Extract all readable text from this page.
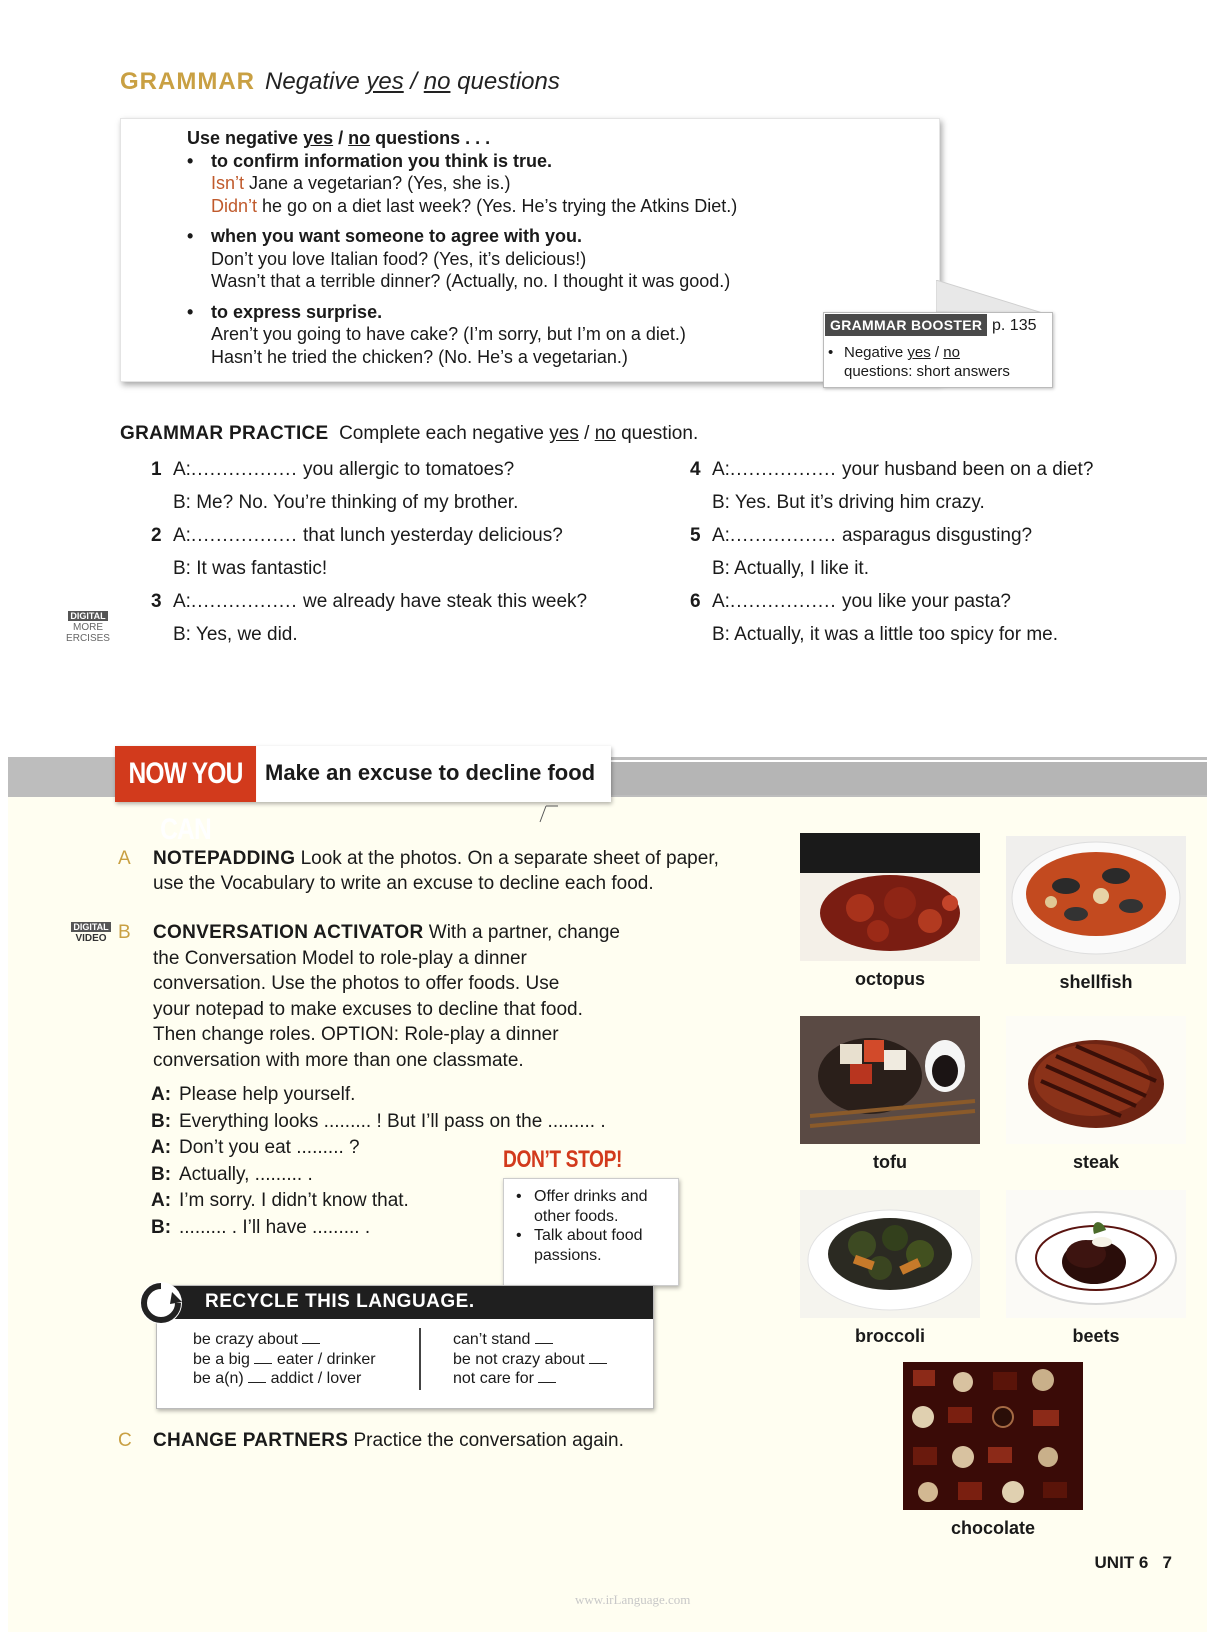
GRAMMAR Negative yes / no questions
Use negative yes / no questions . . .
• to confirm information you think is true.
Isn’t Jane a vegetarian? (Yes, she is.)
Didn’t he go on a diet last week? (Yes. He’s trying the Atkins Diet.)
• when you want someone to agree with you.
Don’t you love Italian food? (Yes, it’s delicious!)
Wasn’t that a terrible dinner? (Actually, no. I thought it was good.)
• to express surprise.
Aren’t you going to have cake? (I’m sorry, but I’m on a diet.)
Hasn’t he tried the chicken? (No. He’s a vegetarian.)
GRAMMAR BOOSTER p. 135
• Negative yes / no
questions: short answers
GRAMMAR PRACTICE Complete each negative yes / no question.
1 A:................. you allergic to tomatoes?
B: Me? No. You’re thinking of my brother.
2 A:................. that lunch yesterday delicious?
B: It was fantastic!
3 A:................. we already have steak this week?
B: Yes, we did.
4 A:................. your husband been on a diet?
B: Yes. But it’s driving him crazy.
5 A:................. asparagus disgusting?
B: Actually, I like it.
6 A:................. you like your pasta?
B: Actually, it was a little too spicy for me.
DIGITAL
MORE
ERCISES
NOW YOU CAN
Make an excuse to decline food
A NOTEPADDING Look at the photos. On a separate sheet of paper,
use the Vocabulary to write an excuse to decline each food.
DIGITAL
VIDEO B CONVERSATION ACTIVATOR With a partner, change
the Conversation Model to role-play a dinner
conversation. Use the photos to offer foods. Use
your notepad to make excuses to decline that food.
Then change roles. OPTION: Role-play a dinner
conversation with more than one classmate.
A: Please help yourself.
B: Everything looks ......... ! But I’ll pass on the ......... .
A: Don’t you eat ......... ?
B: Actually, ......... .
A: I’m sorry. I didn’t know that.
B: ......... . I’ll have ......... .
DON’T STOP!
• Offer drinks and
other foods.
• Talk about food
passions.
RECYCLE THIS LANGUAGE.
be crazy about
be a big eater / drinker
be a(n) addict / lover
can’t stand
be not crazy about
not care for
C CHANGE PARTNERS Practice the conversation again.
octopus	shellfish
tofu	steak
broccoli	beets
chocolate
UNIT 6 7
www.irLanguage.com
